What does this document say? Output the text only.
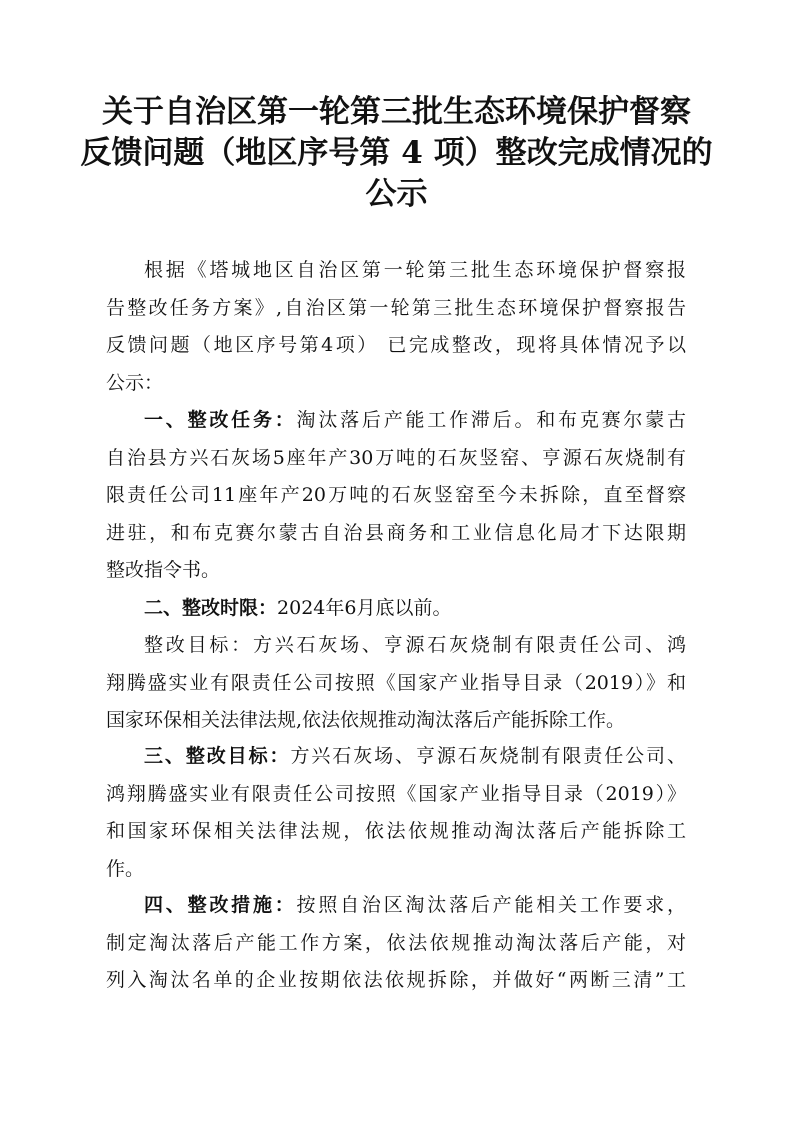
关于自治区第一轮第三批生态环境保护督察
反馈问题（地区序号第 4 项）整改完成情况的
公示
根据《塔城地区自治区第一轮第三批生态环境保护督察报
告整改任务方案》,自治区第一轮第三批生态环境保护督察报告
反馈问题（地区序号第4项） 已完成整改，现将具体情况予以
公示：
一、整改任务：淘汰落后产能工作滞后。和布克赛尔蒙古
自治县方兴石灰场5座年产30万吨的石灰竖窑、亨源石灰烧制有
限责任公司11座年产20万吨的石灰竖窑至今未拆除，直至督察
进驻，和布克赛尔蒙古自治县商务和工业信息化局才下达限期
整改指令书。
二、整改时限：2024年6月底以前。
整改目标：方兴石灰场、亨源石灰烧制有限责任公司、鸿
翔腾盛实业有限责任公司按照《国家产业指导目录（2019）》和
国家环保相关法律法规,依法依规推动淘汰落后产能拆除工作。
三、整改目标：方兴石灰场、亨源石灰烧制有限责任公司、
鸿翔腾盛实业有限责任公司按照《国家产业指导目录（2019）》
和国家环保相关法律法规，依法依规推动淘汰落后产能拆除工
作。
四、整改措施：按照自治区淘汰落后产能相关工作要求，
制定淘汰落后产能工作方案，依法依规推动淘汰落后产能，对
列入淘汰名单的企业按期依法依规拆除，并做好“两断三清”工
